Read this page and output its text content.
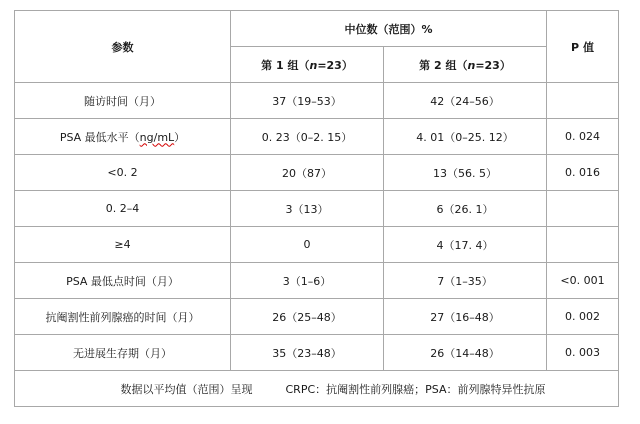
参数	中位数（范围）%		P 值
	第 1 组（n=23）	第 2 组（n=23）	
随访时间（月）	37（19–53）	42（24–56）	
PSA 最低水平（ng/mL）	0. 23（0–2. 15）	4. 01（0–25. 12）	0. 024
<0. 2	20（87）	13（56. 5）	0. 016
0. 2–4	3（13）	6（26. 1）	
≥4	0	4（17. 4）	
PSA 最低点时间（月）	3（1–6）	7（1–35）	<0. 001
抗阉割性前列腺癌的时间（月）	26（25–48）	27（16–48）	0. 002
无进展生存期（月）	35（23–48）	26（14–48）	0. 003
数据以平均值（范围）呈现 CRPC：抗阉割性前列腺癌；PSA：前列腺特异性抗原			
